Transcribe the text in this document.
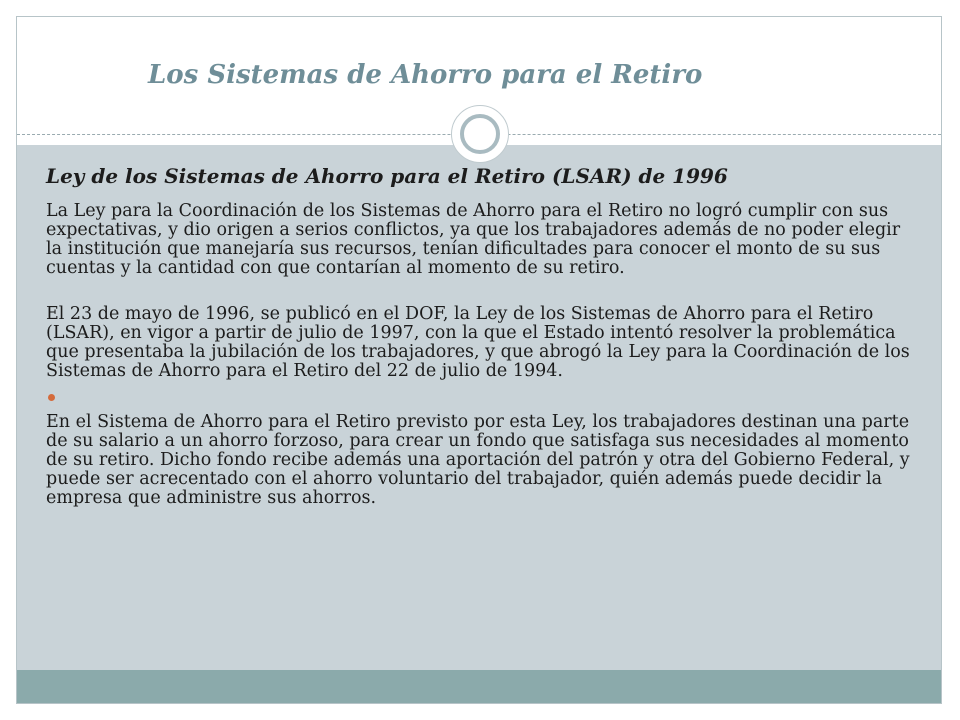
Los Sistemas de Ahorro para el Retiro

Ley de los Sistemas de Ahorro para el Retiro (LSAR) de 1996

La Ley para la Coordinación de los Sistemas de Ahorro para el Retiro no logró cumplir con sus expectativas, y dio origen a serios conflictos, ya que los trabajadores además de no poder elegir la institución que manejaría sus recursos, tenían dificultades para conocer el monto de su sus cuentas y la cantidad con que contarían al momento de su retiro.

El 23 de mayo de 1996, se publicó en el DOF, la Ley de los Sistemas de Ahorro para el Retiro (LSAR), en vigor a partir de julio de 1997, con la que el Estado intentó resolver la problemática que presentaba la jubilación de los trabajadores, y que abrogó la Ley para la Coordinación de los Sistemas de Ahorro para el Retiro del 22 de julio de 1994.

En el Sistema de Ahorro para el Retiro previsto por esta Ley, los trabajadores destinan una parte de su salario a un ahorro forzoso, para crear un fondo que satisfaga sus necesidades al momento de su retiro. Dicho fondo recibe además una aportación del patrón y otra del Gobierno Federal, y puede ser acrecentado con el ahorro voluntario del trabajador, quién además puede decidir la empresa que administre sus ahorros.
